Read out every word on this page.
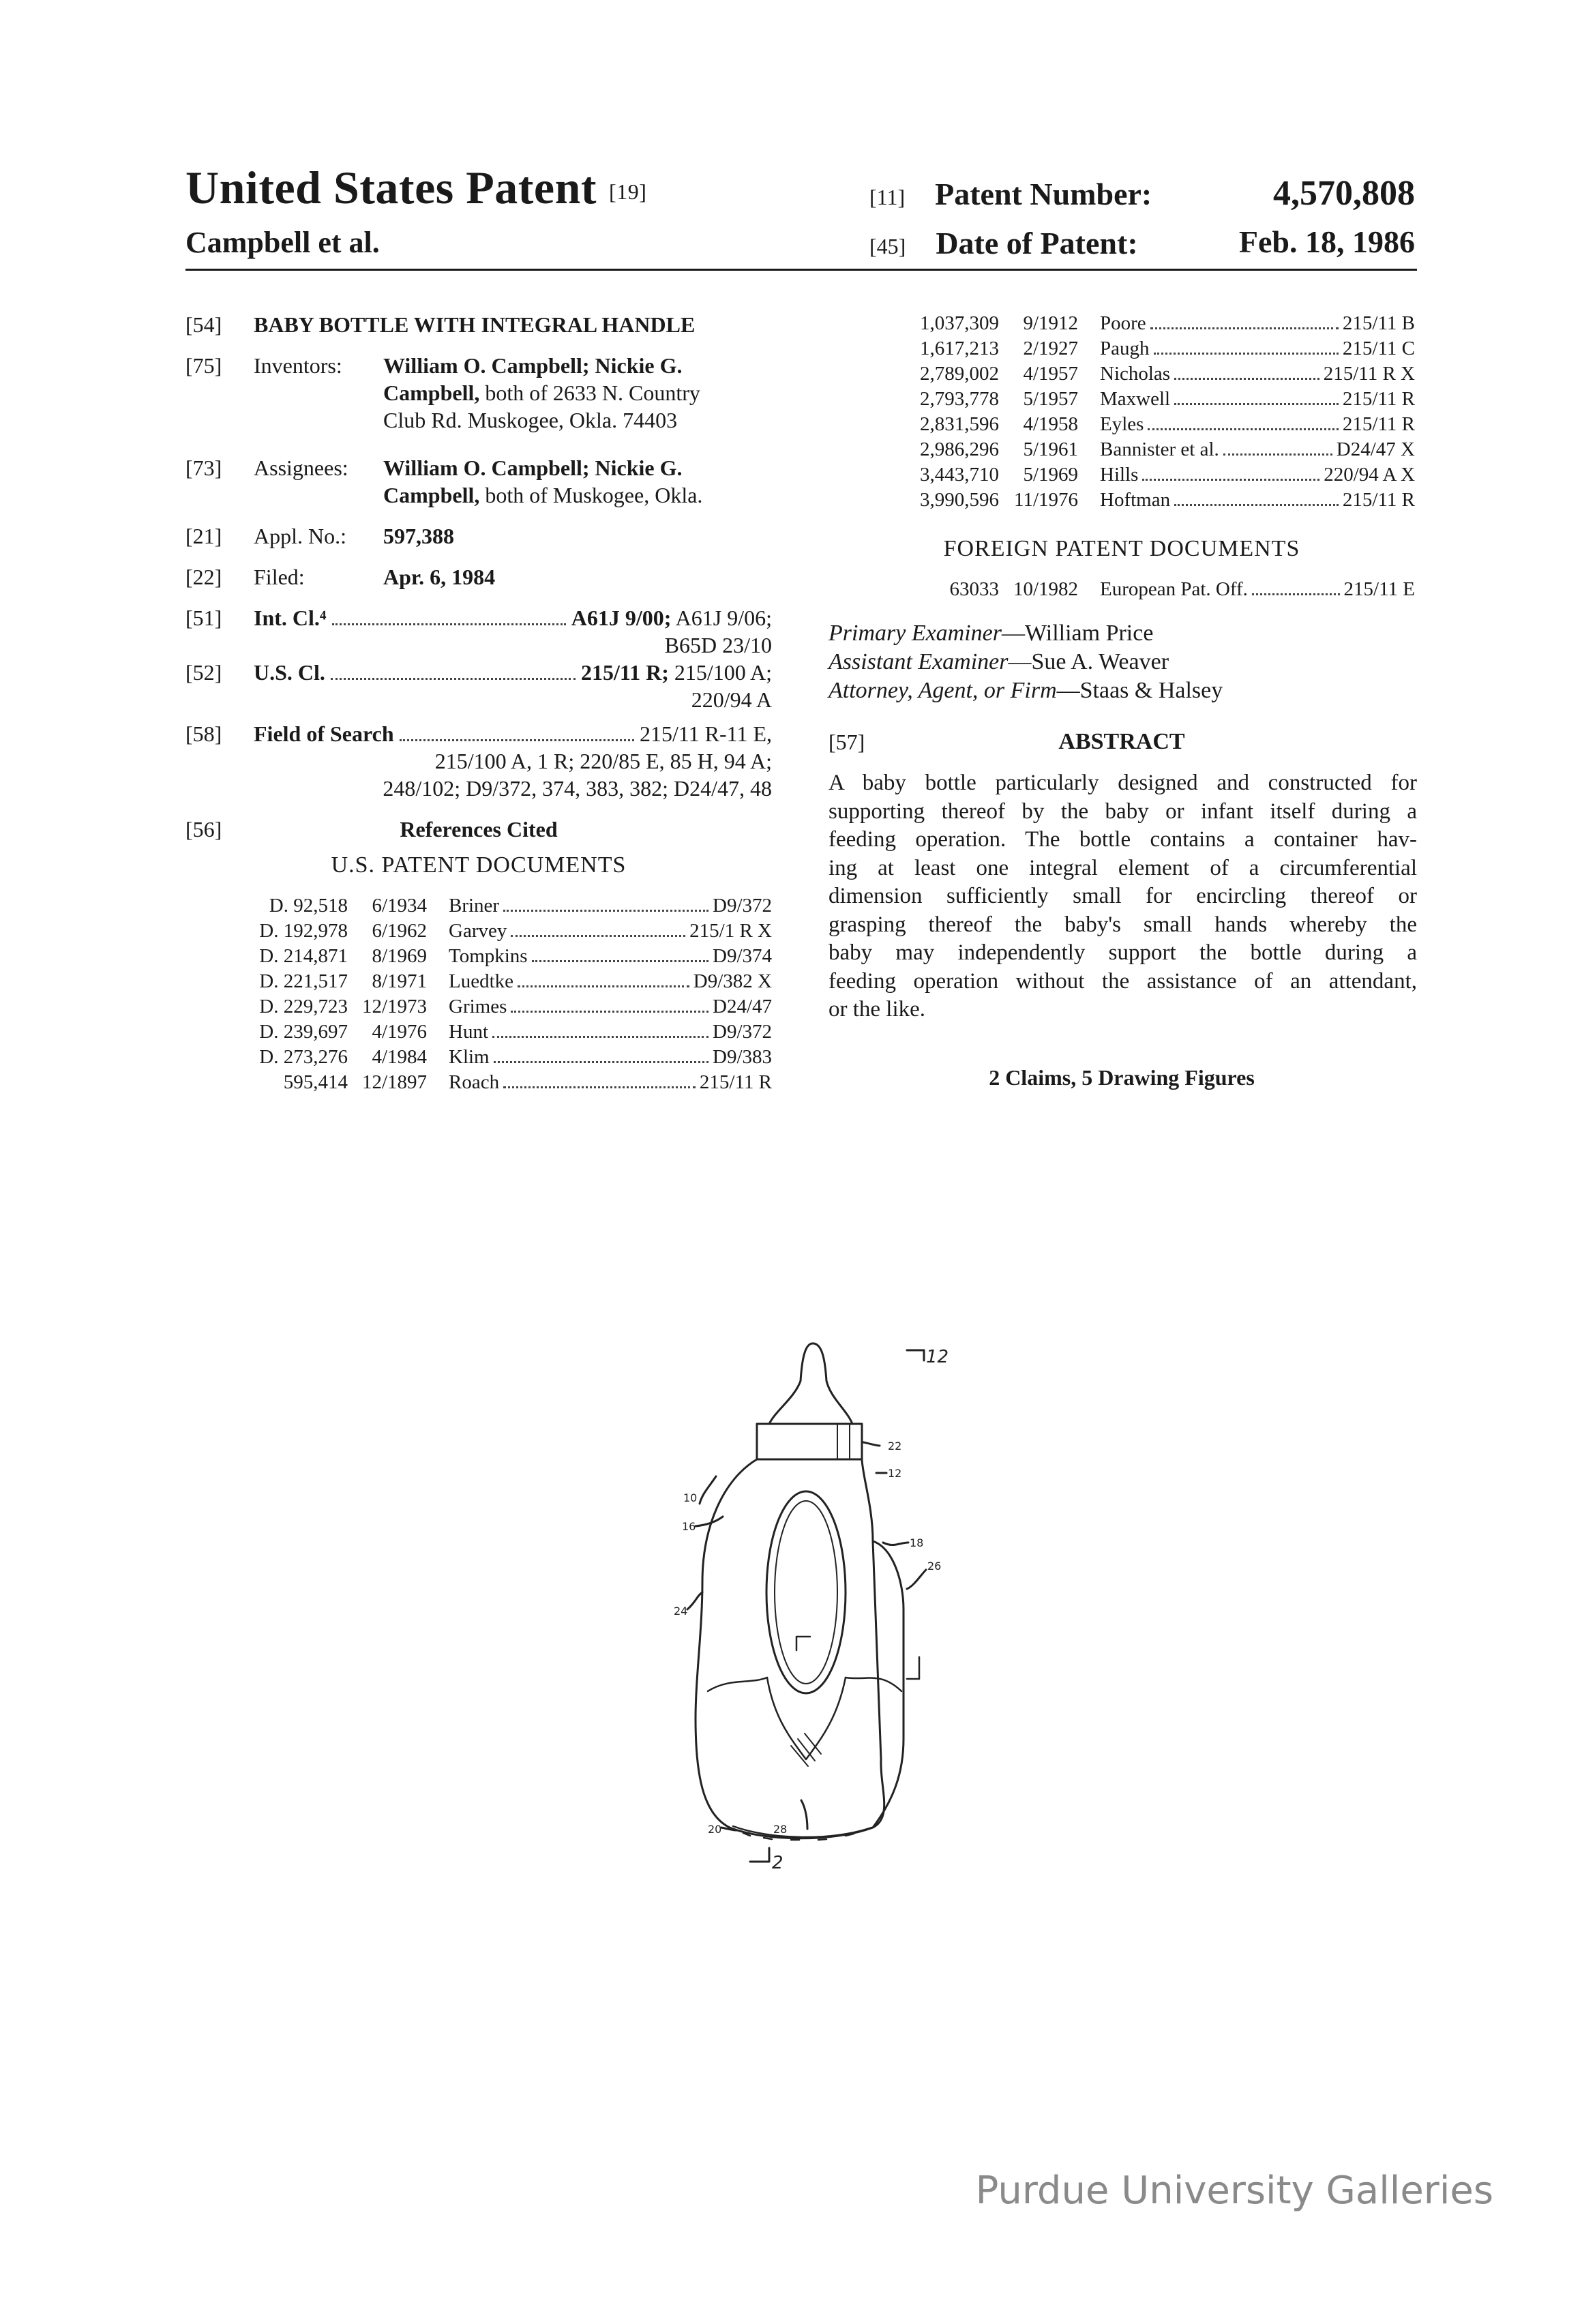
United States Patent [19]
Campbell et al.
[11] Patent Number:	4,570,808
[45] Date of Patent:	Feb. 18, 1986
[54] BABY BOTTLE WITH INTEGRAL HANDLE
[75] Inventors: William O. Campbell; Nickie G.
Campbell, both of 2633 N. Country
Club Rd. Muskogee, Okla. 74403
[73] Assignees: William O. Campbell; Nickie G.
Campbell, both of Muskogee, Okla.
[21] Appl. No.: 597,388
[22] Filed:	Apr. 6, 1984
[51] Int. Cl.⁴	A61J 9/00; A61J 9/06;
B65D 23/10
[52] U.S. Cl.	215/11 R; 215/100 A;
220/94 A
[58] Field of Search	215/11 R-11 E,
215/100 A, 1 R; 220/85 E, 85 H, 94 A;
248/102; D9/372, 374, 383, 382; D24/47, 48
[56]	References Cited
U.S. PATENT DOCUMENTS
D. 92,518	6/1934 Briner	D9/372
D. 192,978	6/1962 Garvey	215/1 R X
D. 214,871	8/1969 Tompkins	D9/374
D. 221,517	8/1971 Luedtke	D9/382 X
D. 229,723 12/1973 Grimes	D24/47
D. 239,697	4/1976 Hunt	D9/372
D. 273,276	4/1984 Klim	D9/383
595,414 12/1897 Roach	215/11 R
1,037,309	9/1912 Poore	215/11 B
1,617,213	2/1927 Paugh	215/11 C
2,789,002	4/1957 Nicholas	215/11 R X
2,793,778	5/1957 Maxwell	215/11 R
2,831,596	4/1958 Eyles	215/11 R
2,986,296	5/1961 Bannister et al.	D24/47 X
3,443,710	5/1969 Hills	220/94 A X
3,990,596 11/1976 Hoftman	215/11 R
FOREIGN PATENT DOCUMENTS
63033 10/1982 European Pat. Off.	215/11 E
Primary Examiner—William Price
Assistant Examiner—Sue A. Weaver
Attorney, Agent, or Firm—Staas & Halsey
[57]	ABSTRACT
A baby bottle particularly designed and constructed for
supporting thereof by the baby or infant itself during a
feeding operation. The bottle contains a container hav-
ing at least one integral element of a circumferential
dimension sufficiently small for encircling thereof or
grasping thereof the baby's small hands whereby the
baby may independently support the bottle during a
feeding operation without the assistance of an attendant,
or the like.
2 Claims, 5 Drawing Figures
22
12
10
16
18
26
24
28
20
2
12
Purdue University Galleries
